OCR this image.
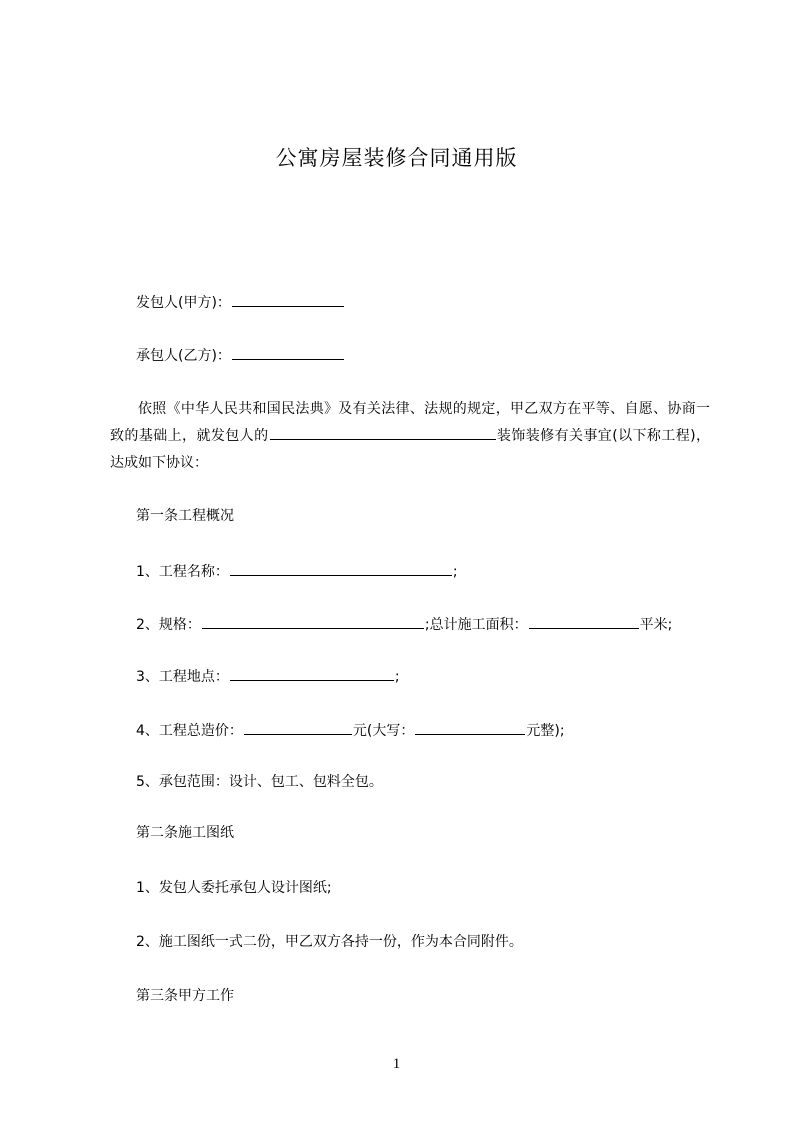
公寓房屋装修合同通用版
发包人(甲方)：
承包人(乙方)：
依照《中华人民共和国民法典》及有关法律、法规的规定，甲乙双方在平等、自愿、协商一致的基础上，就发包人的	装饰装修有关事宜(以下称工程)，达成如下协议：
第一条工程概况
1、工程名称：	;
2、规格：	;总计施工面积：	平米;
3、工程地点：	;
4、工程总造价：	元(大写：	元整);
5、承包范围：设计、包工、包料全包。
第二条施工图纸
1、发包人委托承包人设计图纸;
2、施工图纸一式二份，甲乙双方各持一份，作为本合同附件。
第三条甲方工作
1
